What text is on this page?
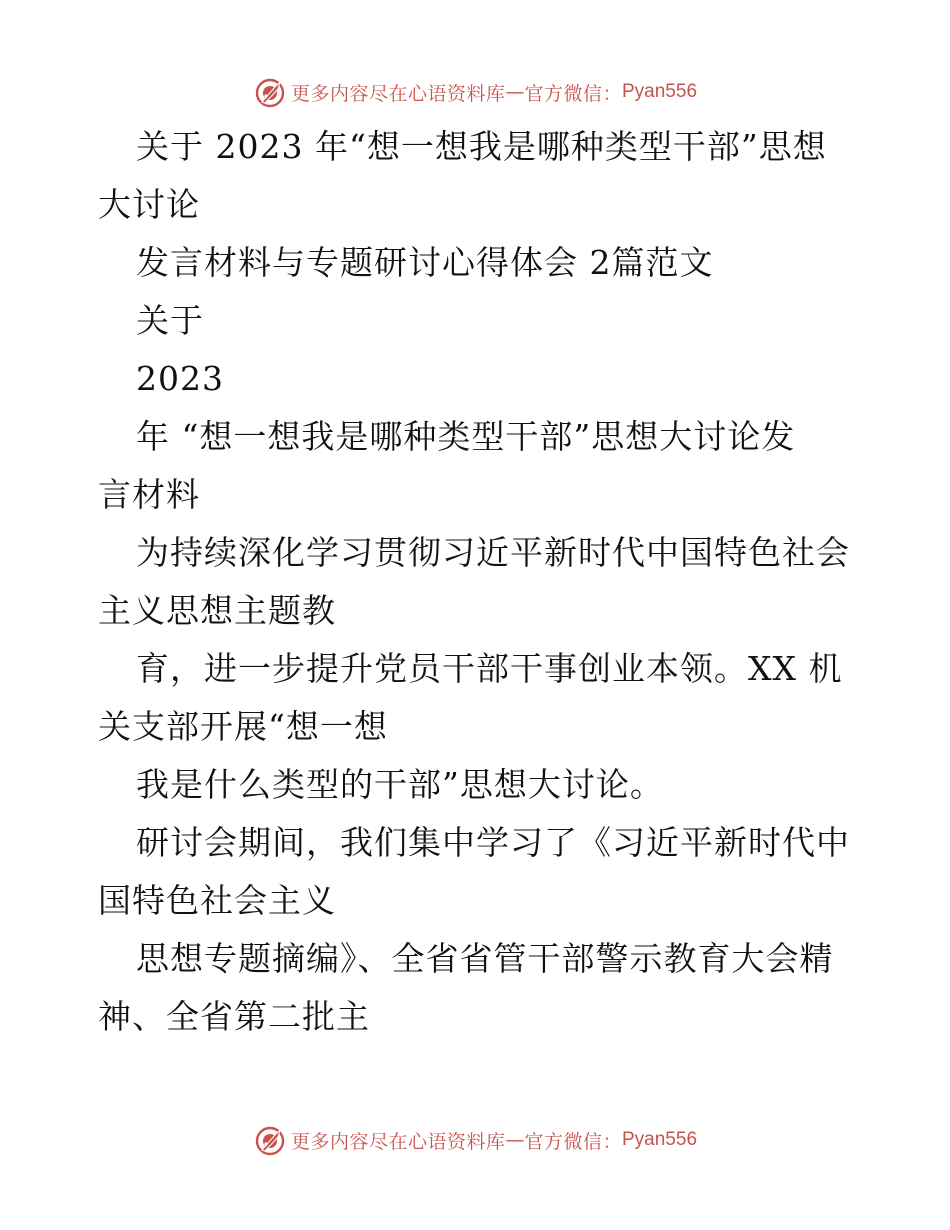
更多内容尽在心语资料库 — 官方微信： Pyan556
关于 2023 年“想一想我是哪种类型干部”思想
大讨论
发言材料与专题研讨心得体会 2篇范文
关于
2023
年 “想一想我是哪种类型干部”思想大讨论发
言材料
为持续深化学习贯彻习近平新时代中国特色社会
主义思想主题教
育，进一步提升党员干部干事创业本领。XX 机
关支部开展“想一想
我是什么类型的干部”思想大讨论。
研讨会期间，我们集中学习了《习近平新时代中
国特色社会主义
思想专题摘编》、全省省管干部警示教育大会精
神、全省第二批主
更多内容尽在心语资料库 — 官方微信： Pyan556
